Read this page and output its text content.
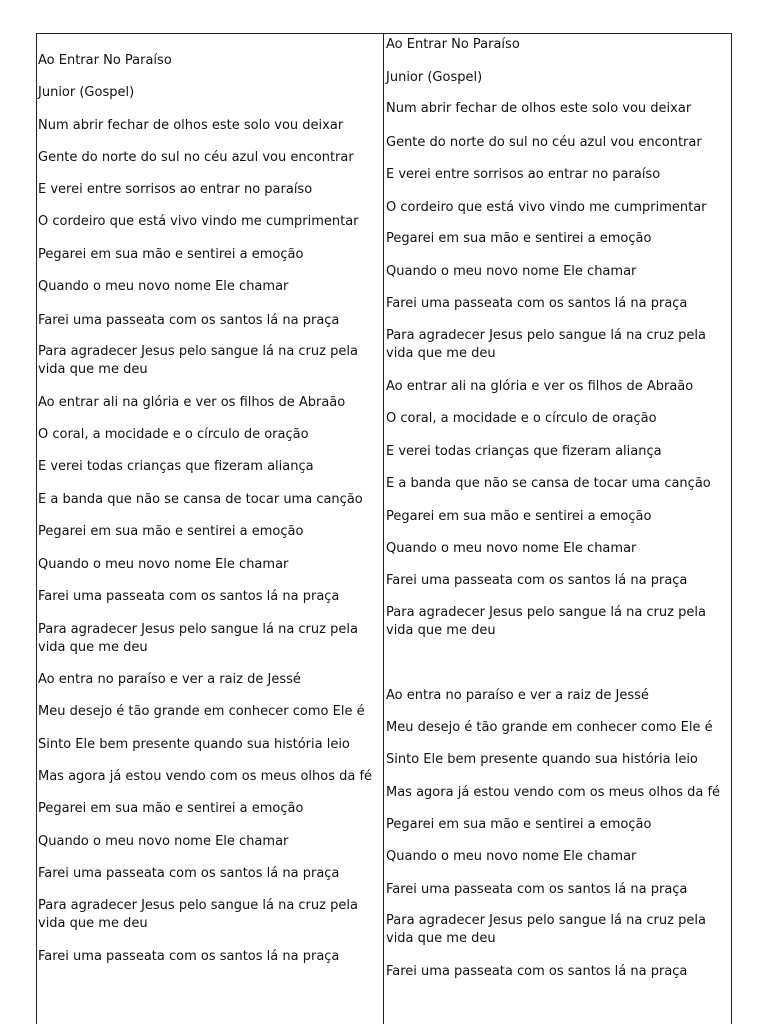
Ao Entrar No Paraíso
Junior (Gospel)
Num abrir fechar de olhos este solo vou deixar
Gente do norte do sul no céu azul vou encontrar
E verei entre sorrisos ao entrar no paraíso
O cordeiro que está vivo vindo me cumprimentar
Pegarei em sua mão e sentirei a emoção
Quando o meu novo nome Ele chamar
Farei uma passeata com os santos lá na praça
Para agradecer Jesus pelo sangue lá na cruz pela vida que me deu
Ao entrar ali na glória e ver os filhos de Abraão
O coral, a mocidade e o círculo de oração
E verei todas crianças que fizeram aliança
E a banda que não se cansa de tocar uma canção
Pegarei em sua mão e sentirei a emoção
Quando o meu novo nome Ele chamar
Farei uma passeata com os santos lá na praça
Para agradecer Jesus pelo sangue lá na cruz pela vida que me deu
Ao entra no paraíso e ver a raiz de Jessé
Meu desejo é tão grande em conhecer como Ele é
Sinto Ele bem presente quando sua história leio
Mas agora já estou vendo com os meus olhos da fé
Pegarei em sua mão e sentirei a emoção
Quando o meu novo nome Ele chamar
Farei uma passeata com os santos lá na praça
Para agradecer Jesus pelo sangue lá na cruz pela vida que me deu
Farei uma passeata com os santos lá na praça
Ao Entrar No Paraíso
Junior (Gospel)
Num abrir fechar de olhos este solo vou deixar
Gente do norte do sul no céu azul vou encontrar
E verei entre sorrisos ao entrar no paraíso
O cordeiro que está vivo vindo me cumprimentar
Pegarei em sua mão e sentirei a emoção
Quando o meu novo nome Ele chamar
Farei uma passeata com os santos lá na praça
Para agradecer Jesus pelo sangue lá na cruz pela vida que me deu
Ao entrar ali na glória e ver os filhos de Abraão
O coral, a mocidade e o círculo de oração
E verei todas crianças que fizeram aliança
E a banda que não se cansa de tocar uma canção
Pegarei em sua mão e sentirei a emoção
Quando o meu novo nome Ele chamar
Farei uma passeata com os santos lá na praça
Para agradecer Jesus pelo sangue lá na cruz pela vida que me deu
Ao entra no paraíso e ver a raiz de Jessé
Meu desejo é tão grande em conhecer como Ele é
Sinto Ele bem presente quando sua história leio
Mas agora já estou vendo com os meus olhos da fé
Pegarei em sua mão e sentirei a emoção
Quando o meu novo nome Ele chamar
Farei uma passeata com os santos lá na praça
Para agradecer Jesus pelo sangue lá na cruz pela vida que me deu
Farei uma passeata com os santos lá na praça
